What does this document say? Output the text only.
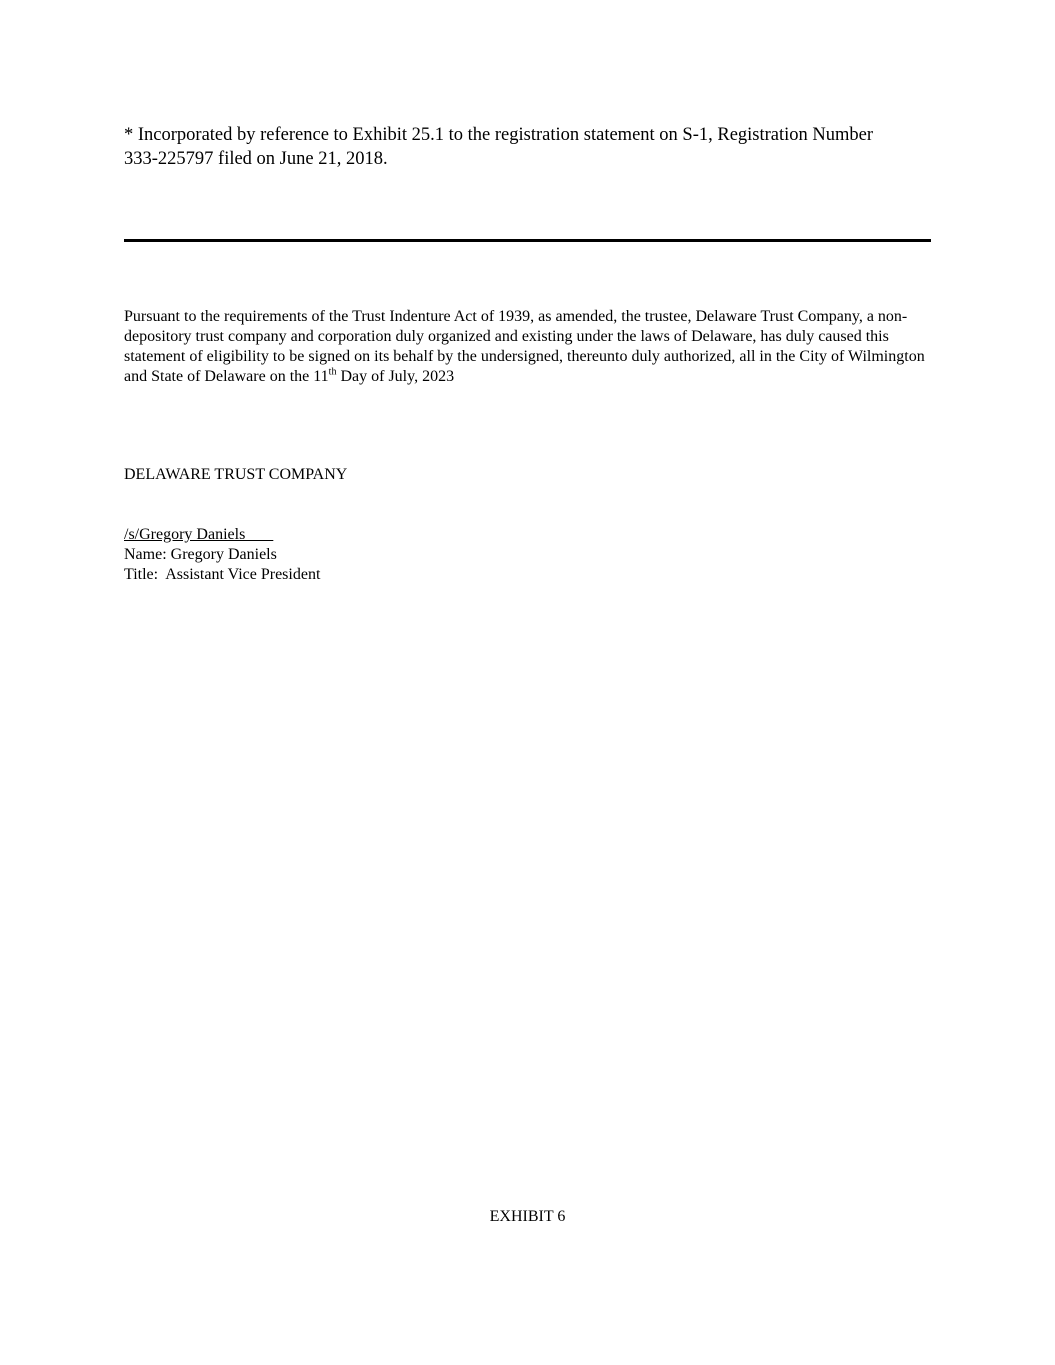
* Incorporated by reference to Exhibit 25.1 to the registration statement on S-1, Registration Number
333-225797 filed on June 21, 2018.
Pursuant to the requirements of the Trust Indenture Act of 1939, as amended, the trustee, Delaware Trust Company, a non-depository trust company and corporation duly organized and existing under the laws of Delaware, has duly caused this statement of eligibility to be signed on its behalf by the undersigned, thereunto duly authorized, all in the City of Wilmington and State of Delaware on the 11th Day of July, 2023
DELAWARE TRUST COMPANY
/s/Gregory Daniels
Name: Gregory Daniels
Title:  Assistant Vice President
EXHIBIT 6
